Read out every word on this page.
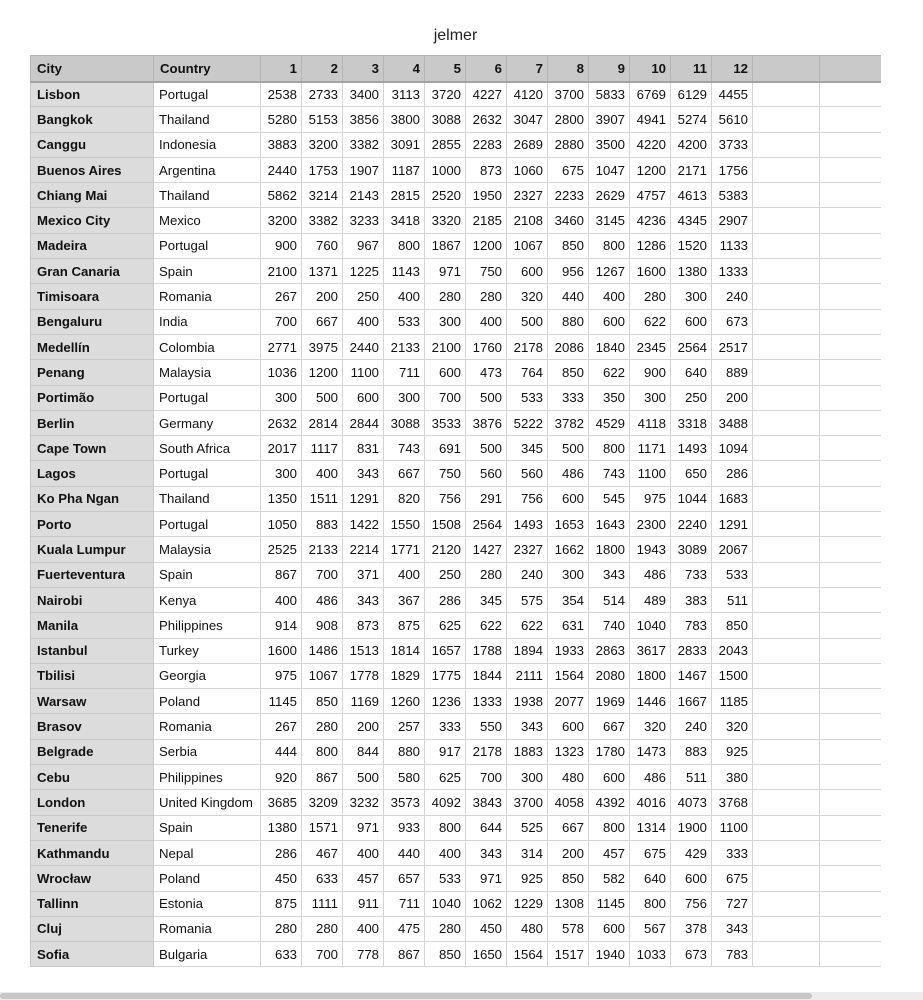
jelmer
City	Country	1	2	3	4	5	6	7	8	9	10	11	12		
Lisbon	Portugal	2538	2733	3400	3113	3720	4227	4120	3700	5833	6769	6129	4455		
Bangkok	Thailand	5280	5153	3856	3800	3088	2632	3047	2800	3907	4941	5274	5610		
Canggu	Indonesia	3883	3200	3382	3091	2855	2283	2689	2880	3500	4220	4200	3733		
Buenos Aires	Argentina	2440	1753	1907	1187	1000	873	1060	675	1047	1200	2171	1756		
Chiang Mai	Thailand	5862	3214	2143	2815	2520	1950	2327	2233	2629	4757	4613	5383		
Mexico City	Mexico	3200	3382	3233	3418	3320	2185	2108	3460	3145	4236	4345	2907		
Madeira	Portugal	900	760	967	800	1867	1200	1067	850	800	1286	1520	1133		
Gran Canaria	Spain	2100	1371	1225	1143	971	750	600	956	1267	1600	1380	1333		
Timisoara	Romania	267	200	250	400	280	280	320	440	400	280	300	240		
Bengaluru	India	700	667	400	533	300	400	500	880	600	622	600	673		
Medellín	Colombia	2771	3975	2440	2133	2100	1760	2178	2086	1840	2345	2564	2517		
Penang	Malaysia	1036	1200	1100	711	600	473	764	850	622	900	640	889		
Portimão	Portugal	300	500	600	300	700	500	533	333	350	300	250	200		
Berlin	Germany	2632	2814	2844	3088	3533	3876	5222	3782	4529	4118	3318	3488		
Cape Town	South Africa	2017	1117	831	743	691	500	345	500	800	1171	1493	1094		
Lagos	Portugal	300	400	343	667	750	560	560	486	743	1100	650	286		
Ko Pha Ngan	Thailand	1350	1511	1291	820	756	291	756	600	545	975	1044	1683		
Porto	Portugal	1050	883	1422	1550	1508	2564	1493	1653	1643	2300	2240	1291		
Kuala Lumpur	Malaysia	2525	2133	2214	1771	2120	1427	2327	1662	1800	1943	3089	2067		
Fuerteventura	Spain	867	700	371	400	250	280	240	300	343	486	733	533		
Nairobi	Kenya	400	486	343	367	286	345	575	354	514	489	383	511		
Manila	Philippines	914	908	873	875	625	622	622	631	740	1040	783	850		
Istanbul	Turkey	1600	1486	1513	1814	1657	1788	1894	1933	2863	3617	2833	2043		
Tbilisi	Georgia	975	1067	1778	1829	1775	1844	2111	1564	2080	1800	1467	1500		
Warsaw	Poland	1145	850	1169	1260	1236	1333	1938	2077	1969	1446	1667	1185		
Brasov	Romania	267	280	200	257	333	550	343	600	667	320	240	320		
Belgrade	Serbia	444	800	844	880	917	2178	1883	1323	1780	1473	883	925		
Cebu	Philippines	920	867	500	580	625	700	300	480	600	486	511	380		
London	United Kingdom	3685	3209	3232	3573	4092	3843	3700	4058	4392	4016	4073	3768		
Tenerife	Spain	1380	1571	971	933	800	644	525	667	800	1314	1900	1100		
Kathmandu	Nepal	286	467	400	440	400	343	314	200	457	675	429	333		
Wrocław	Poland	450	633	457	657	533	971	925	850	582	640	600	675		
Tallinn	Estonia	875	1111	911	711	1040	1062	1229	1308	1145	800	756	727		
Cluj	Romania	280	280	400	475	280	450	480	578	600	567	378	343		
Sofia	Bulgaria	633	700	778	867	850	1650	1564	1517	1940	1033	673	783		
